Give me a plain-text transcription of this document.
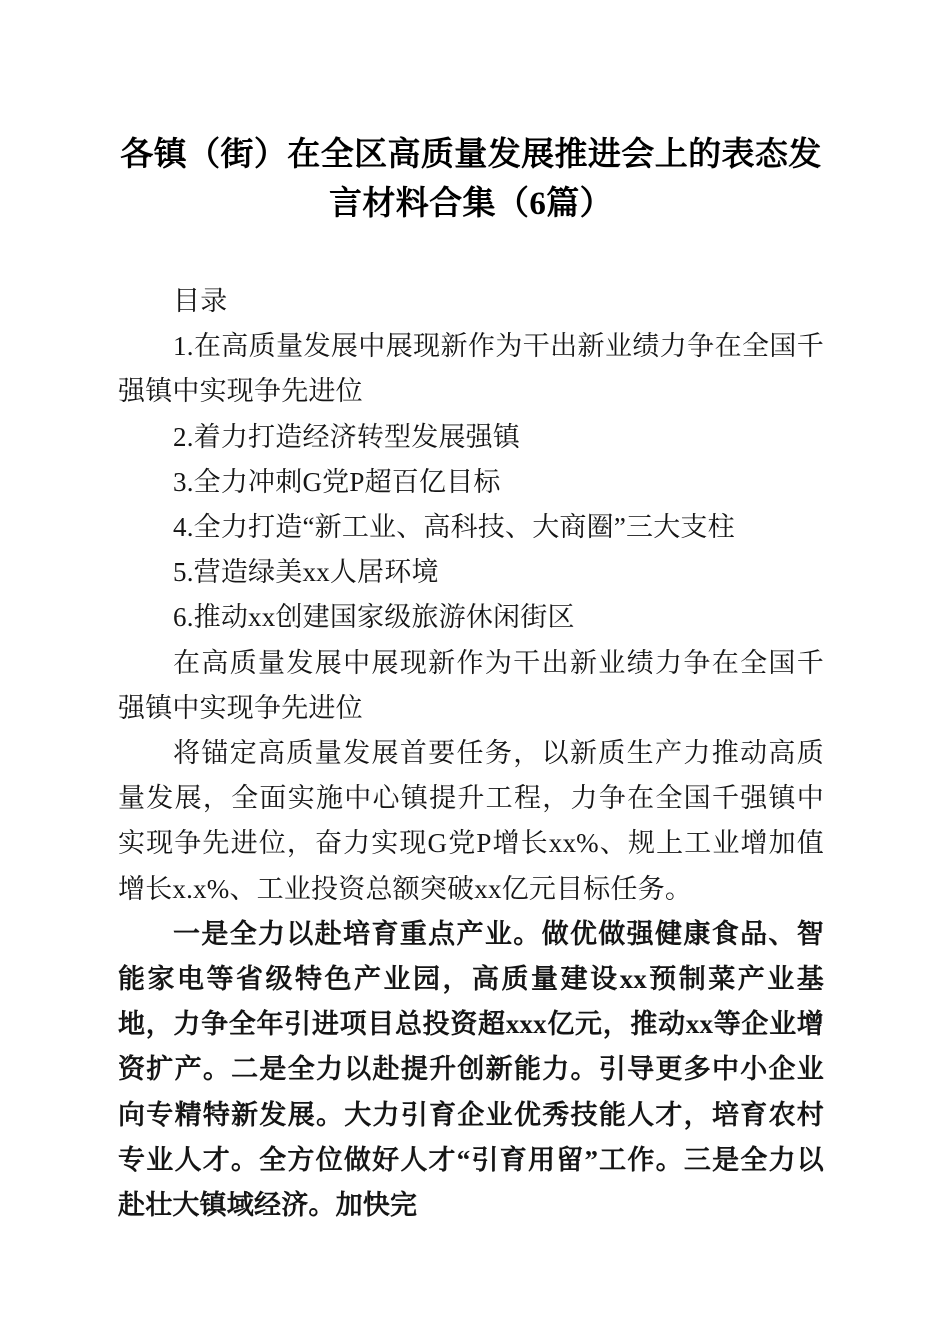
各镇（街）在全区高质量发展推进会上的表态发言材料合集（6篇）

目录

1.在高质量发展中展现新作为干出新业绩力争在全国千强镇中实现争先进位

2.着力打造经济转型发展强镇

3.全力冲刺G党P超百亿目标

4.全力打造“新工业、高科技、大商圈”三大支柱

5.营造绿美xx人居环境

6.推动xx创建国家级旅游休闲街区

在高质量发展中展现新作为干出新业绩力争在全国千强镇中实现争先进位

将锚定高质量发展首要任务，以新质生产力推动高质量发展，全面实施中心镇提升工程，力争在全国千强镇中实现争先进位，奋力实现G党P增长xx%、规上工业增加值增长x.x%、工业投资总额突破xx亿元目标任务。

一是全力以赴培育重点产业。做优做强健康食品、智能家电等省级特色产业园，高质量建设xx预制菜产业基地，力争全年引进项目总投资超xxx亿元，推动xx等企业增资扩产。二是全力以赴提升创新能力。引导更多中小企业向专精特新发展。大力引育企业优秀技能人才，培育农村专业人才。全方位做好人才“引育用留”工作。三是全力以赴壮大镇域经济。加快完
